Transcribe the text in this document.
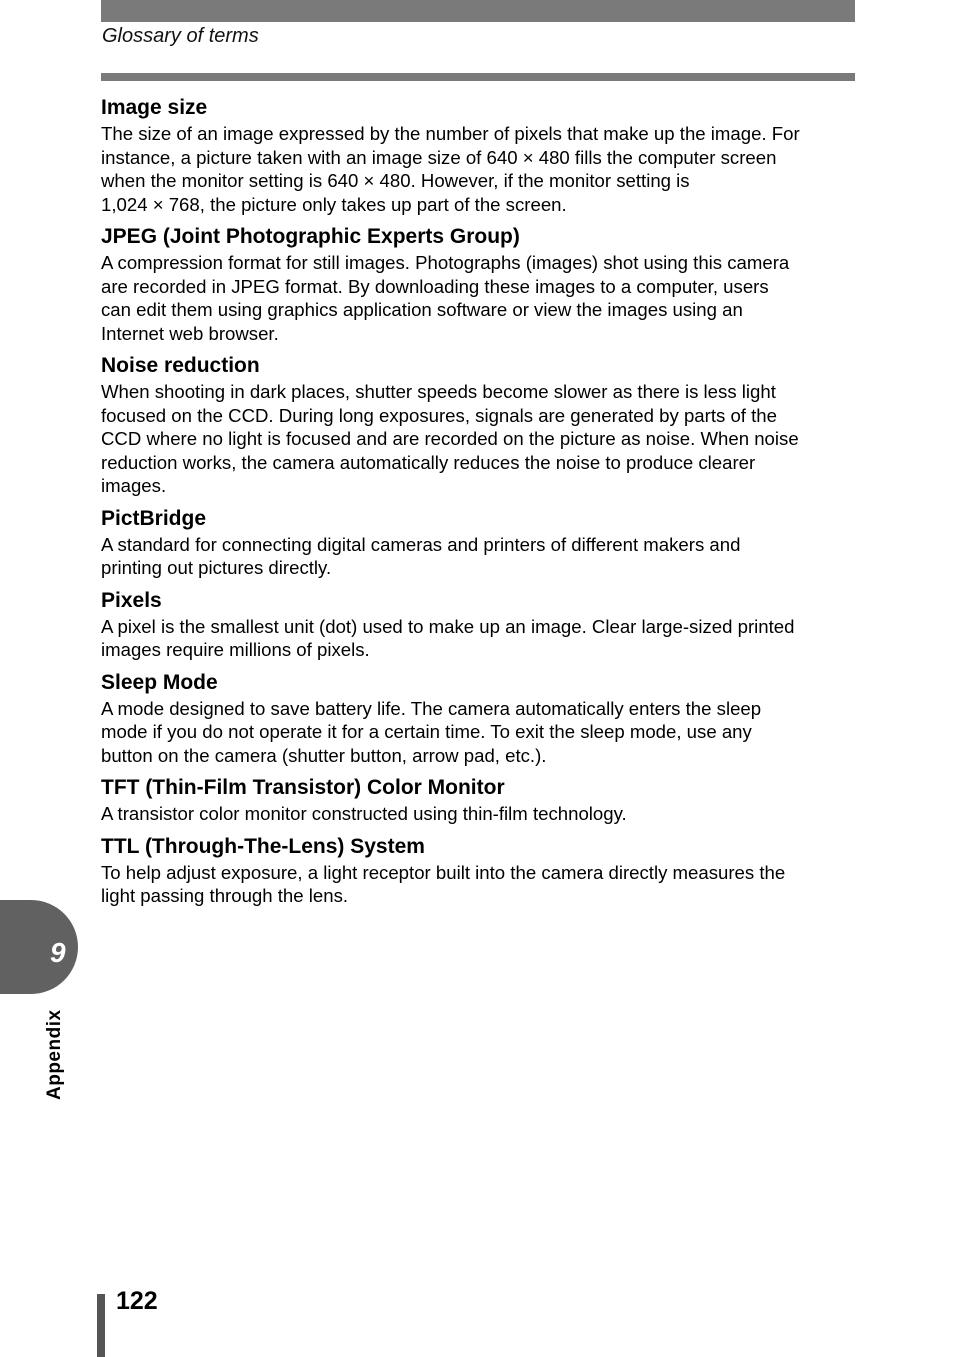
Glossary of terms
Image size
The size of an image expressed by the number of pixels that make up the image. For
instance, a picture taken with an image size of 640 × 480 fills the computer screen
when the monitor setting is 640 × 480. However, if the monitor setting is
1,024 × 768, the picture only takes up part of the screen.
JPEG (Joint Photographic Experts Group)
A compression format for still images. Photographs (images) shot using this camera
are recorded in JPEG format. By downloading these images to a computer, users
can edit them using graphics application software or view the images using an
Internet web browser.
Noise reduction
When shooting in dark places, shutter speeds become slower as there is less light
focused on the CCD. During long exposures, signals are generated by parts of the
CCD where no light is focused and are recorded on the picture as noise. When noise
reduction works, the camera automatically reduces the noise to produce clearer
images.
PictBridge
A standard for connecting digital cameras and printers of different makers and
printing out pictures directly.
Pixels
A pixel is the smallest unit (dot) used to make up an image. Clear large-sized printed
images require millions of pixels.
Sleep Mode
A mode designed to save battery life. The camera automatically enters the sleep
mode if you do not operate it for a certain time. To exit the sleep mode, use any
button on the camera (shutter button, arrow pad, etc.).
TFT (Thin-Film Transistor) Color Monitor
A transistor color monitor constructed using thin-film technology.
TTL (Through-The-Lens) System
To help adjust exposure, a light receptor built into the camera directly measures the
light passing through the lens.
9
Appendix
122
